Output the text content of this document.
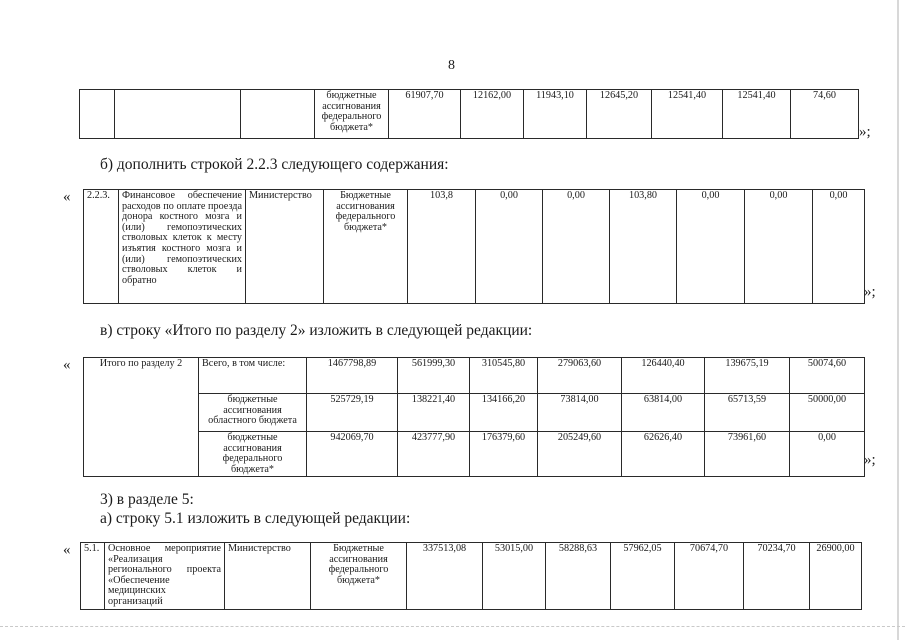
8
			бюджетные ассигнования федерального бюджета*	61907,70	12162,00	11943,10	12645,20	12541,40	12541,40	74,60
»;
б) дополнить строкой 2.2.3 следующего содержания:
« 2.2.3.	Финансовое обеспечение расходов по оплате проезда донора костного мозга и (или) гемопоэтических стволовых клеток к месту изъятия костного мозга и (или) гемопоэтических стволовых клеток и обратно	Министерство	Бюджетные ассигнования федерального бюджета*	103,8	0,00	0,00	103,80	0,00	0,00	0,00
»;
в) строку «Итого по разделу 2» изложить в следующей редакции:
«	Итого по разделу 2	Всего, в том числе:	1467798,89	561999,30	310545,80	279063,60	126440,40	139675,19	50074,60
	бюджетные ассигнования областного бюджета	525729,19	138221,40	134166,20	73814,00	63814,00	65713,59	50000,00
	бюджетные ассигнования федерального бюджета*	942069,70	423777,90	176379,60	205249,60	62626,40	73961,60	0,00
»;
3) в разделе 5:
а) строку 5.1 изложить в следующей редакции:
« 5.1.	Основное мероприятие «Реализация регионального проекта «Обеспечение медицинских организаций	Министерство	Бюджетные ассигнования федерального бюджета*	337513,08	53015,00	58288,63	57962,05	70674,70	70234,70	26900,00
